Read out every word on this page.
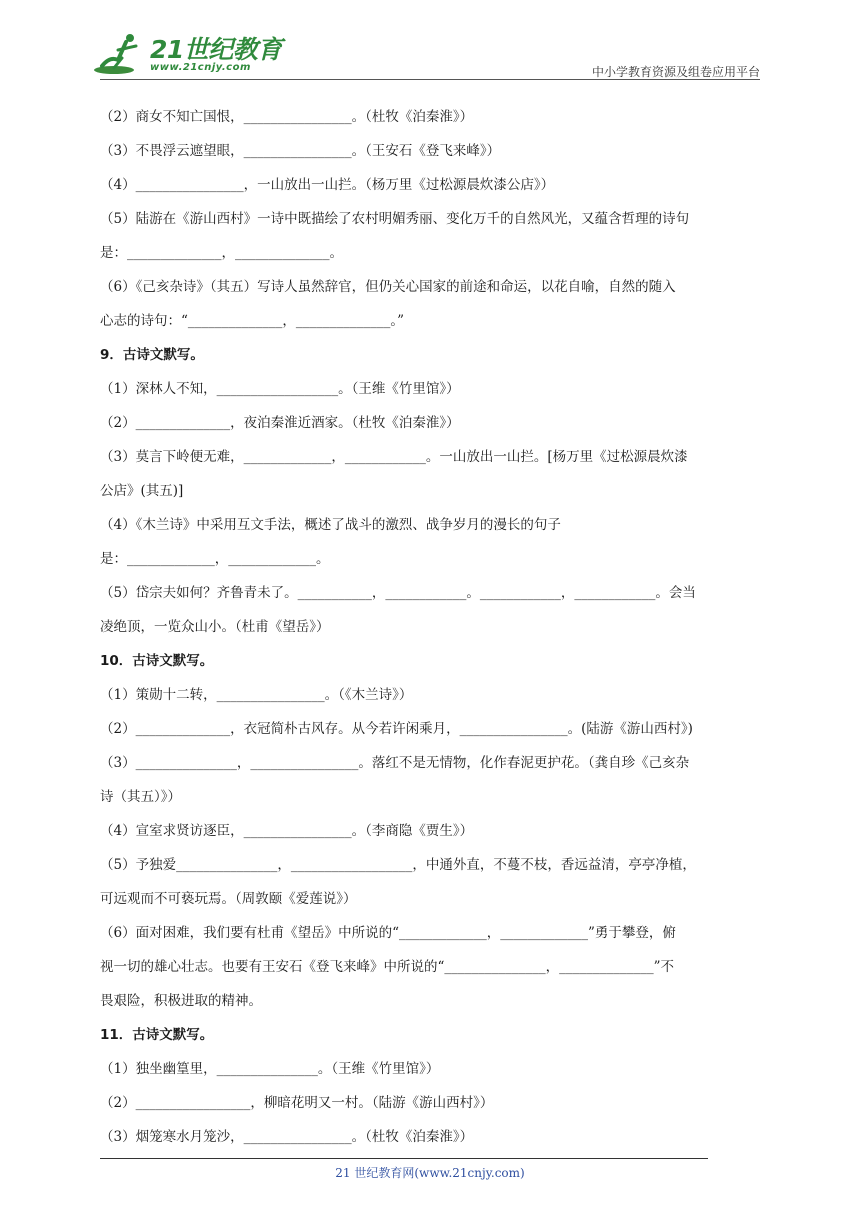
21世纪教育
www.21cnjy.com	中小学教育资源及组卷应用平台
（2）商女不知亡国恨，________________。（杜牧《泊秦淮》）
（3）不畏浮云遮望眼，________________。（王安石《登飞来峰》）
（4）________________，一山放出一山拦。（杨万里《过松源晨炊漆公店》）
（5）陆游在《游山西村》一诗中既描绘了农村明媚秀丽、变化万千的自然风光，又蕴含哲理的诗句
是：______________，______________。
（6）《己亥杂诗》（其五）写诗人虽然辞官，但仍关心国家的前途和命运，以花自喻，自然的随入
心志的诗句：“______________，______________。”
9．古诗文默写。
（1）深林人不知，__________________。（王维《竹里馆》）
（2）______________，夜泊秦淮近酒家。（杜牧《泊秦淮》）
（3）莫言下岭便无难，_____________，____________。一山放出一山拦。[杨万里《过松源晨炊漆
公店》(其五)]
（4）《木兰诗》中采用互文手法，概述了战斗的激烈、战争岁月的漫长的句子
是：_____________，_____________。
（5）岱宗夫如何？齐鲁青未了。___________，____________。____________，____________。会当
凌绝顶，一览众山小。（杜甫《望岳》）
10．古诗文默写。
（1）策勋十二转，________________。（《木兰诗》）
（2）______________，衣冠简朴古风存。从今若许闲乘月，________________。(陆游《游山西村》)
（3）_______________，________________。落红不是无情物，化作春泥更护花。（龚自珍《己亥杂
诗（其五）》）
（4）宣室求贤访逐臣，________________。（李商隐《贾生》）
（5）予独爱_______________，__________________，中通外直，不蔓不枝，香远益清，亭亭净植，
可远观而不可亵玩焉。（周敦颐《爱莲说》）
（6）面对困难，我们要有杜甫《望岳》中所说的“_____________，_____________”勇于攀登，俯
视一切的雄心壮志。也要有王安石《登飞来峰》中所说的“_______________，______________”不
畏艰险，积极进取的精神。
11．古诗文默写。
（1）独坐幽篁里，_______________。（王维《竹里馆》）
（2）_________________，柳暗花明又一村。（陆游《游山西村》）
（3）烟笼寒水月笼沙，________________。（杜牧《泊秦淮》）
21 世纪教育网(www.21cnjy.com)
